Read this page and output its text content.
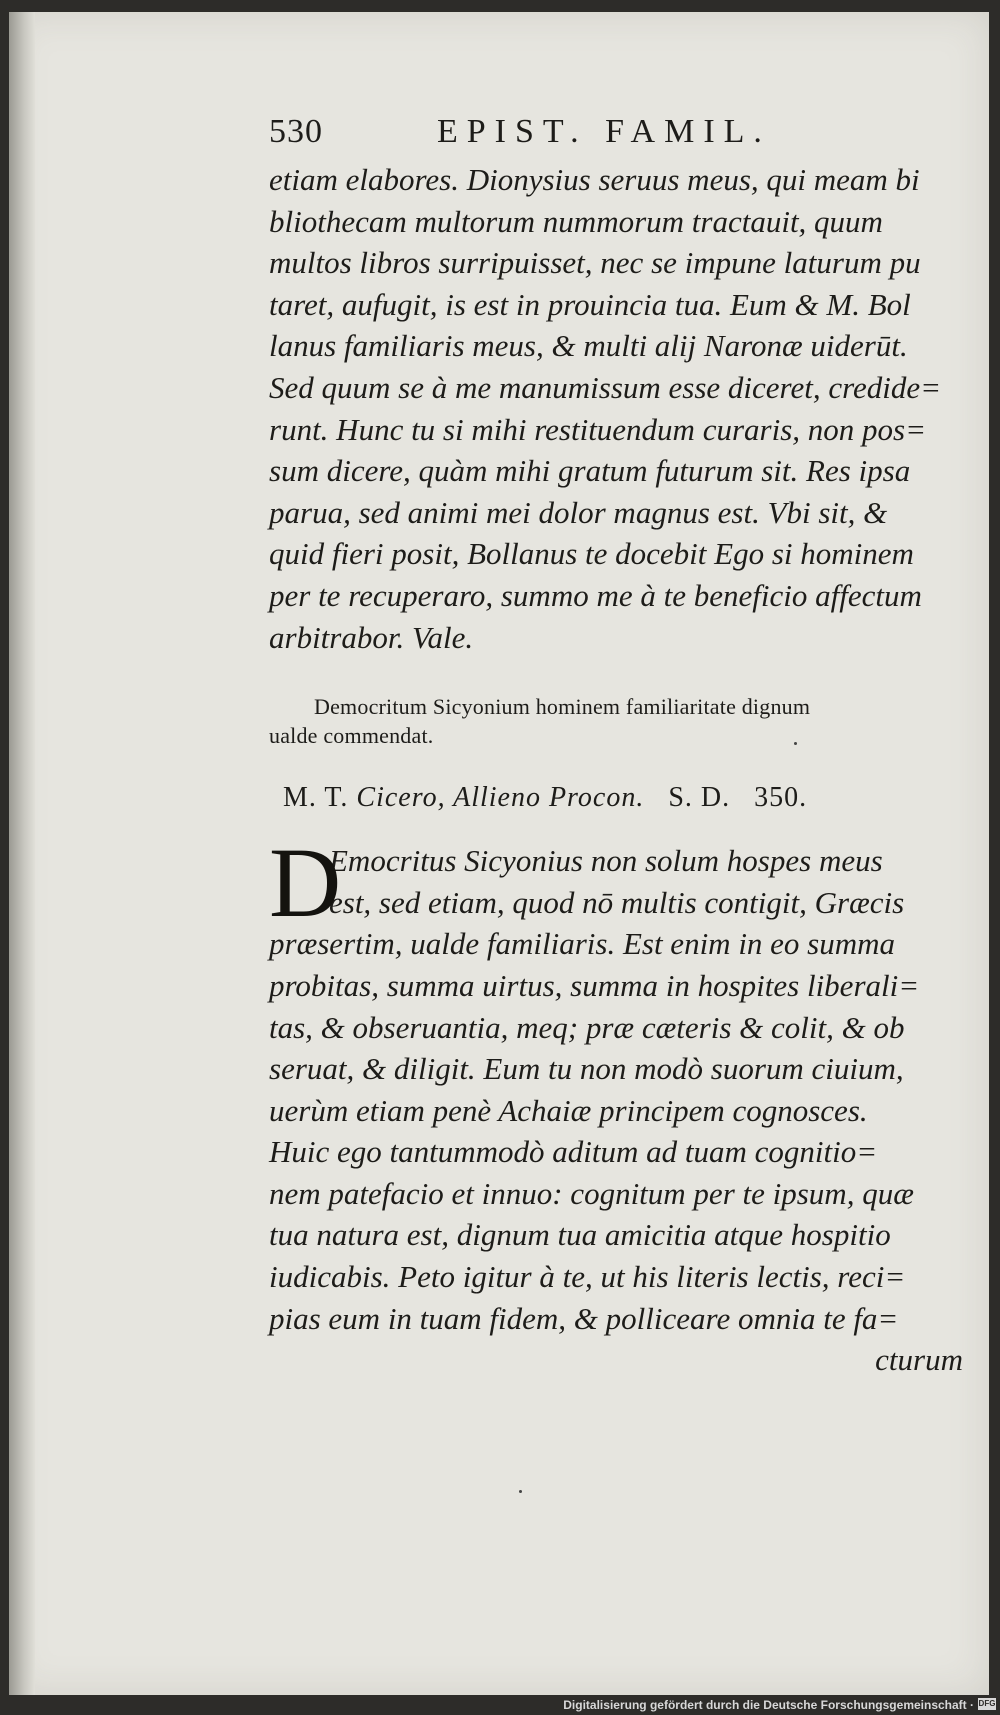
530	EPIST. FAMIL.
etiam elabores. Dionysius seruus meus, qui meam bi
bliothecam multorum nummorum tractauit, quum
multos libros surripuisset, nec se impune laturum pu
taret, aufugit, is est in prouincia tua. Eum & M. Bol
lanus familiaris meus, & multi alij Naronæ uiderūt.
Sed quum se à me manumissum esse diceret, credide=
runt. Hunc tu si mihi restituendum curaris, non pos=
sum dicere, quàm mihi gratum futurum sit. Res ipsa
parua, sed animi mei dolor magnus est. Vbi sit, &
quid fieri posit, Bollanus te docebit Ego si hominem
per te recuperaro, summo me à te beneficio affectum
arbitrabor. Vale.
Democritum Sicyonium hominem familiaritate dignum
ualde commendat.
M. T. Cicero, Allieno Procon. S. D. 350.
D
Emocritus Sicyonius non solum hospes meus
est, sed etiam, quod nō multis contigit, Græcis
præsertim, ualde familiaris. Est enim in eo summa
probitas, summa uirtus, summa in hospites liberali=
tas, & obseruantia, meq; præ cæteris & colit, & ob
seruat, & diligit. Eum tu non modò suorum ciuium,
uerùm etiam penè Achaiæ principem cognosces.
Huic ego tantummodò aditum ad tuam cognitio=
nem patefacio et innuo: cognitum per te ipsum, quæ
tua natura est, dignum tua amicitia atque hospitio
iudicabis. Peto igitur à te, ut his literis lectis, reci=
pias eum in tuam fidem, & polliceare omnia te fa=
cturum
Digitalisierung gefördert durch die Deutsche Forschungsgemeinschaft · DFG
